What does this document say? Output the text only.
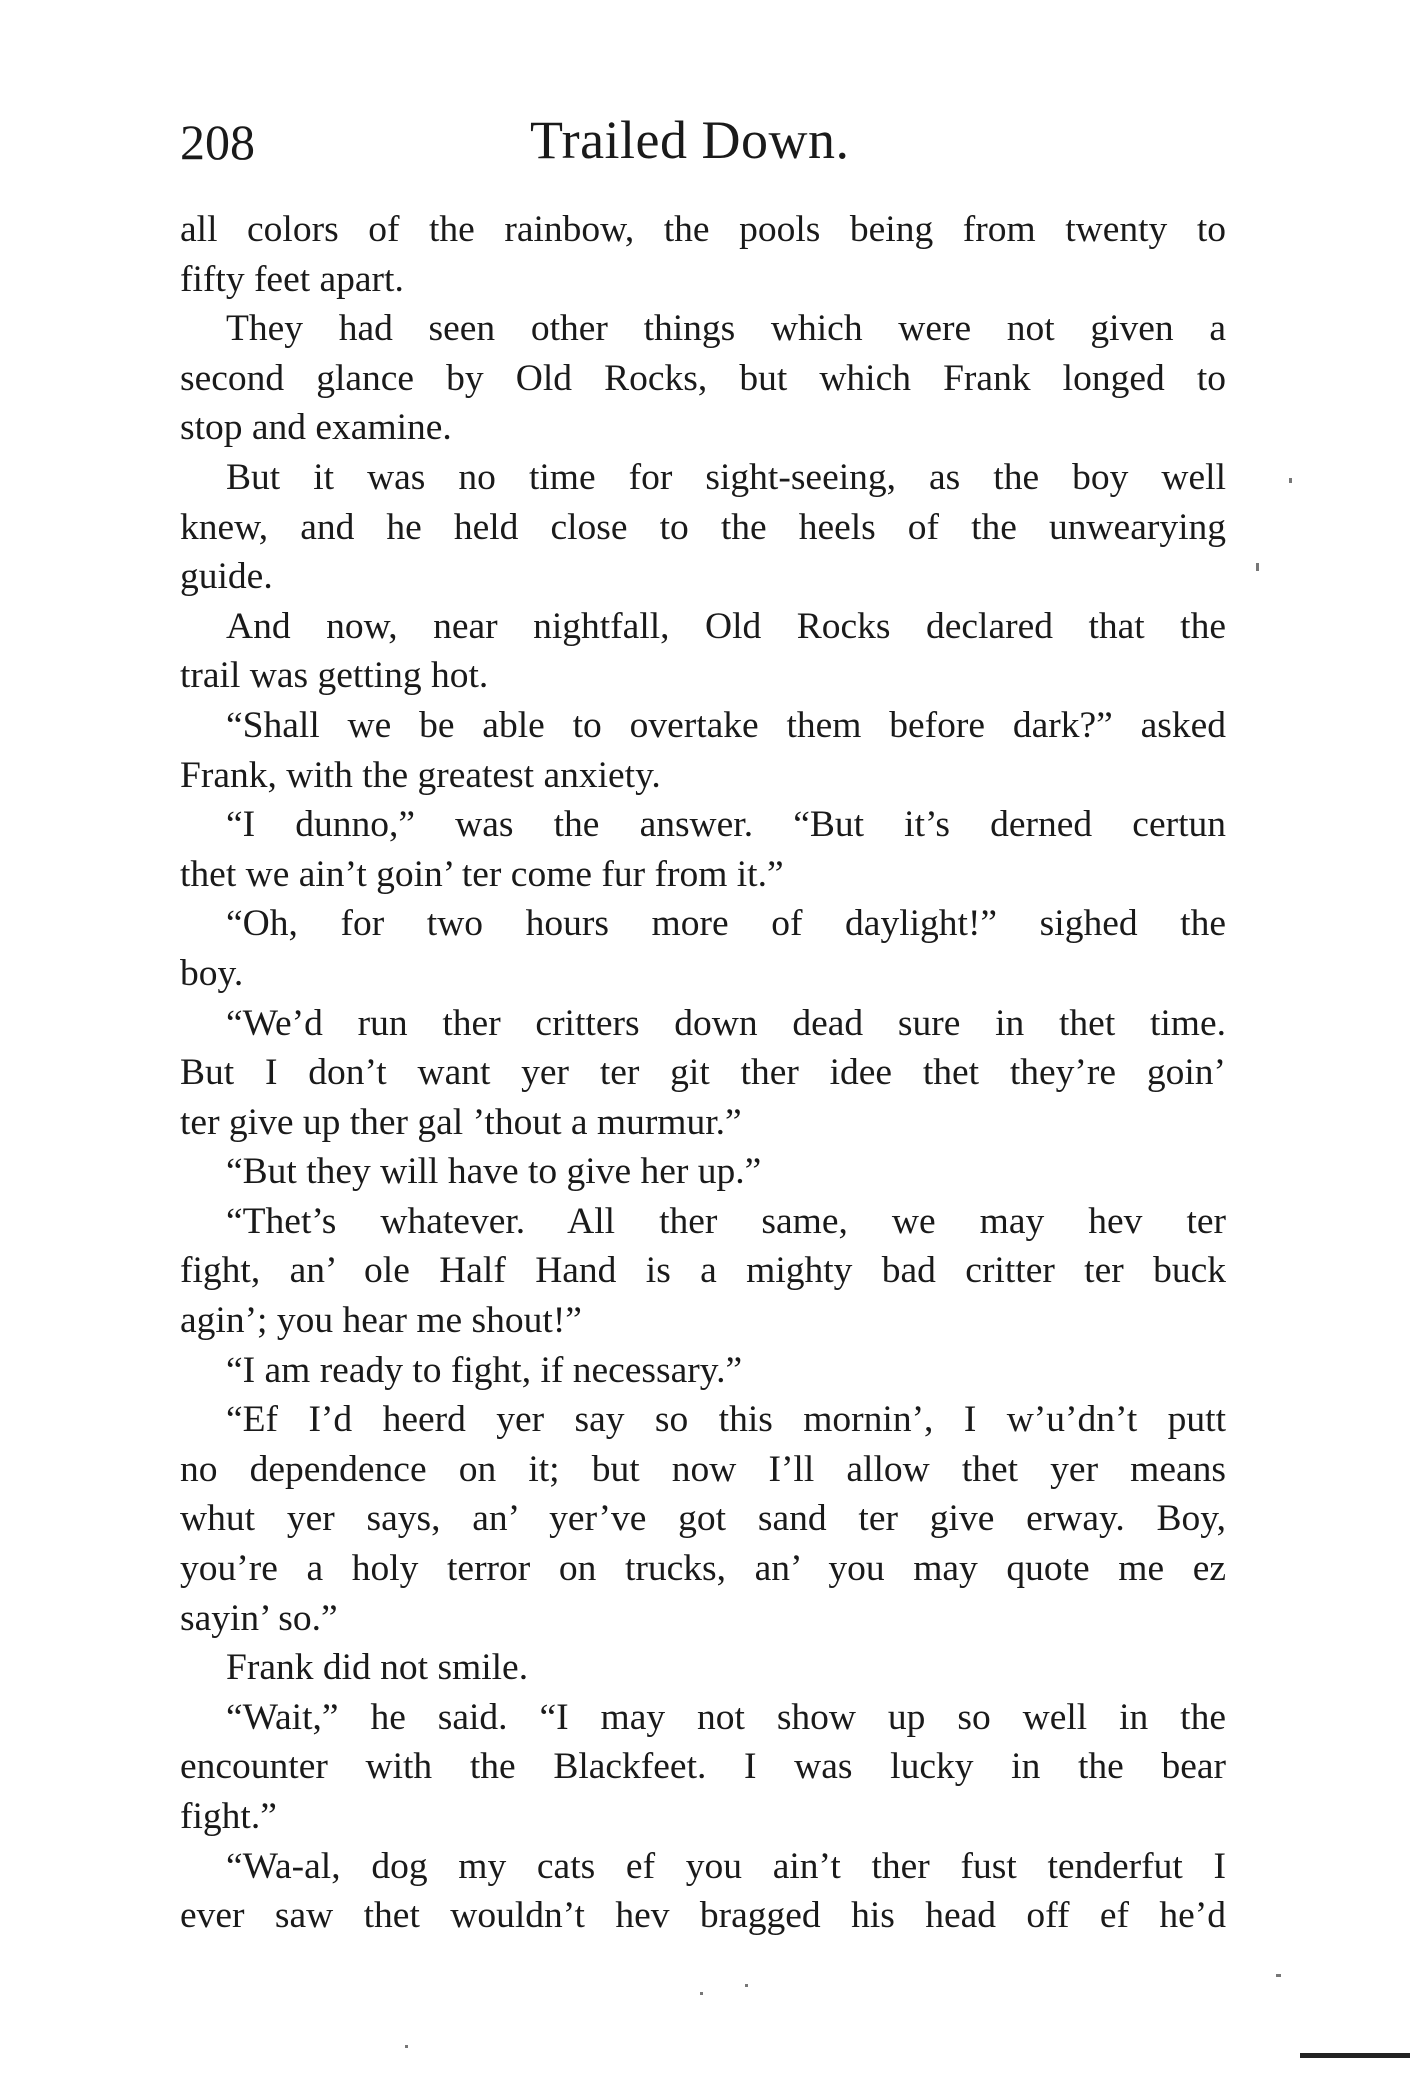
208	Trailed Down.
all colors of the rainbow, the pools being from twenty to
fifty feet apart.
They had seen other things which were not given a
second glance by Old Rocks, but which Frank longed to
stop and examine.
But it was no time for sight-seeing, as the boy well
knew, and he held close to the heels of the unwearying
guide.
And now, near nightfall, Old Rocks declared that the
trail was getting hot.
“Shall we be able to overtake them before dark?” asked
Frank, with the greatest anxiety.
“I dunno,” was the answer. “But it’s derned certun
thet we ain’t goin’ ter come fur from it.”
“Oh, for two hours more of daylight!” sighed the
boy.
“We’d run ther critters down dead sure in thet time.
But I don’t want yer ter git ther idee thet they’re goin’
ter give up ther gal ’thout a murmur.”
“But they will have to give her up.”
“Thet’s whatever. All ther same, we may hev ter
fight, an’ ole Half Hand is a mighty bad critter ter buck
agin’; you hear me shout!”
“I am ready to fight, if necessary.”
“Ef I’d heerd yer say so this mornin’, I w’u’dn’t putt
no dependence on it; but now I’ll allow thet yer means
whut yer says, an’ yer’ve got sand ter give erway. Boy,
you’re a holy terror on trucks, an’ you may quote me ez
sayin’ so.”
Frank did not smile.
“Wait,” he said. “I may not show up so well in the
encounter with the Blackfeet. I was lucky in the bear
fight.”
“Wa-al, dog my cats ef you ain’t ther fust tenderfut I
ever saw thet wouldn’t hev bragged his head off ef he’d
